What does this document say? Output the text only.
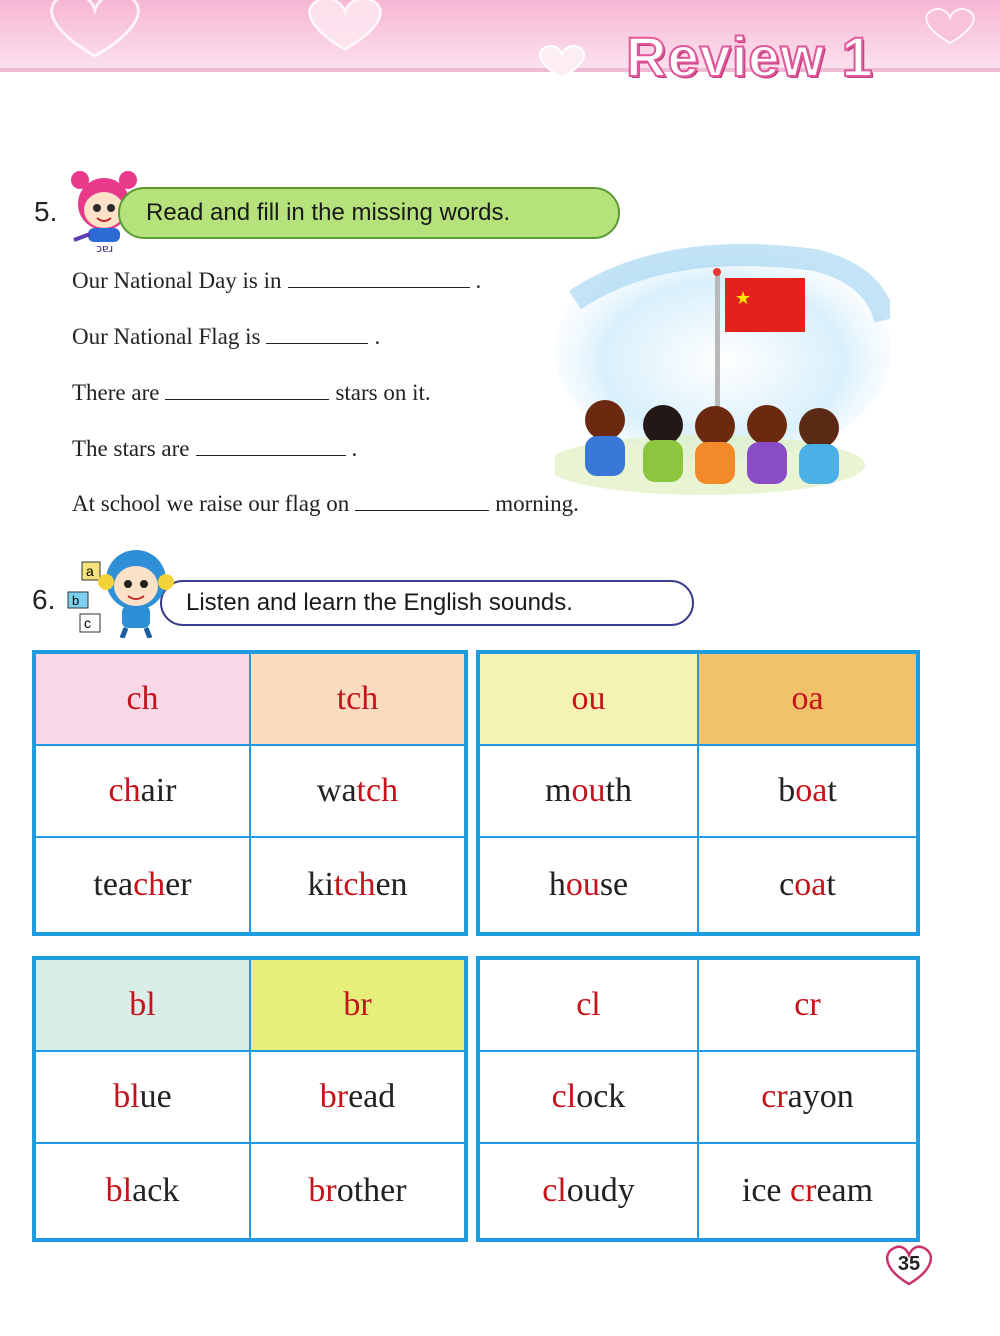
Review 1
5.
ɔɐɹ
Read and fill in the missing words.
Our National Day is in	.
Our National Flag is	.
There are	stars on it.
The stars are	.
At school we raise our flag on	morning.
★
6.	Listen and learn the English sounds.
a
b
c
ch	tch
ch air	wa tch
tea ch er	ki tch en
ou	oa
m ou th	b oa t
h ou se	c oa t
bl	br
bl ue	br ead
bl ack	br other
cl	cr
cl ock	cr ayon
cl oudy	ice cr eam
35
